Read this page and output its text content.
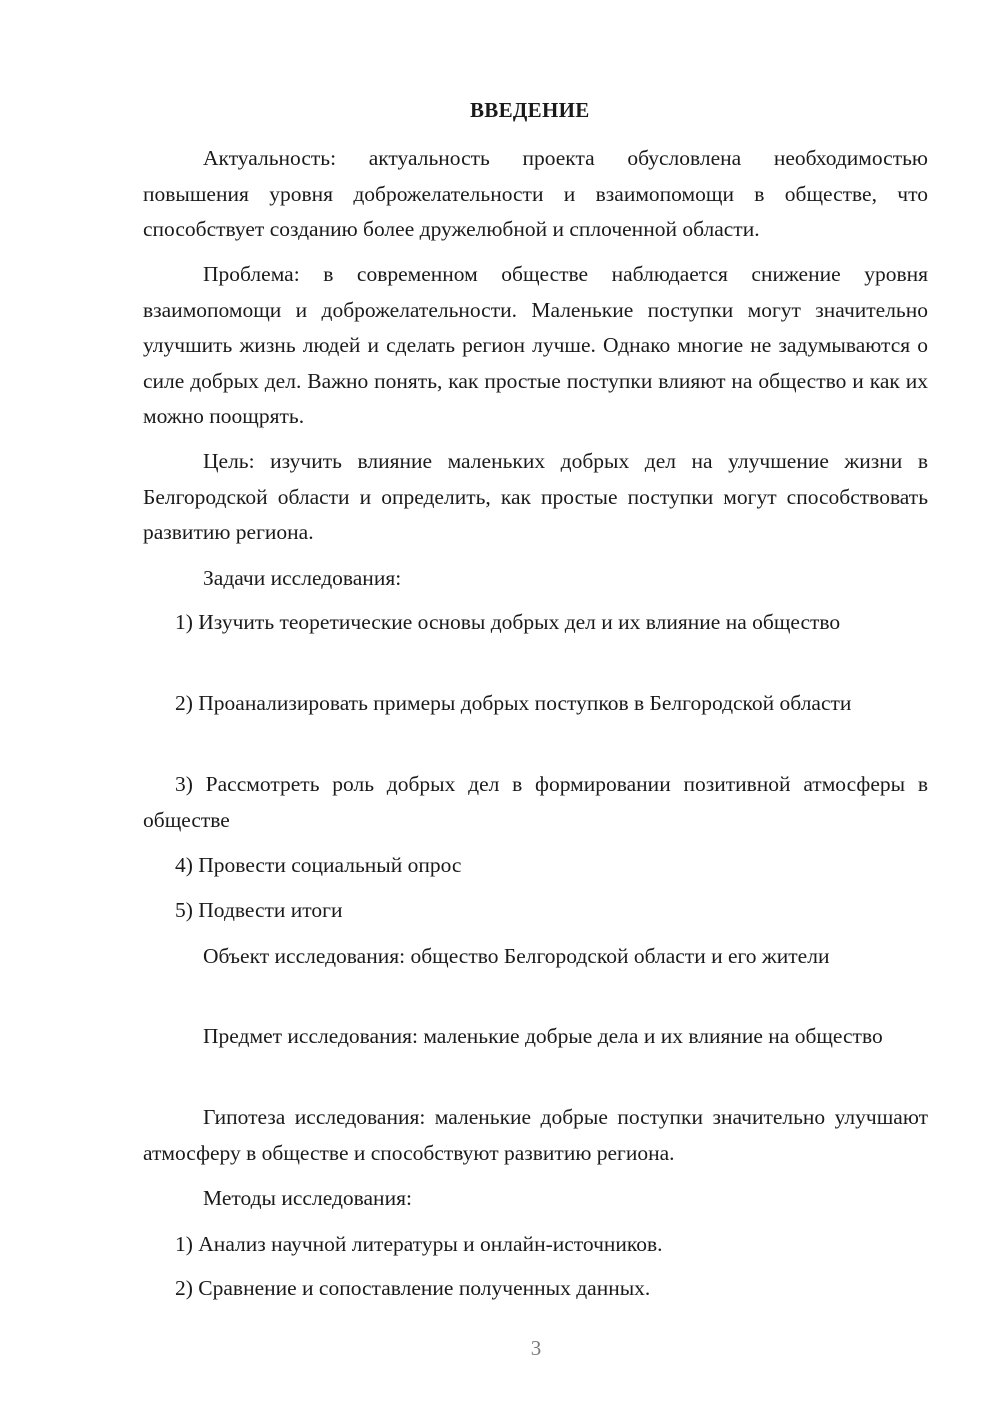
ВВЕДЕНИЕ

Актуальность: актуальность проекта обусловлена необходимостью повышения уровня доброжелательности и взаимопомощи в обществе, что способствует созданию более дружелюбной и сплоченной области.

Проблема: в современном обществе наблюдается снижение уровня взаимопомощи и доброжелательности. Маленькие поступки могут значительно улучшить жизнь людей и сделать регион лучше. Однако многие не задумываются о силе добрых дел. Важно понять, как простые поступки влияют на общество и как их можно поощрять.

Цель: изучить влияние маленьких добрых дел на улучшение жизни в Белгородской области и определить, как простые поступки могут способствовать развитию региона.

Задачи исследования:

1) Изучить теоретические основы добрых дел и их влияние на общество

2) Проанализировать примеры добрых поступков в Белгородской области

3) Рассмотреть роль добрых дел в формировании позитивной атмосферы в обществе

4) Провести социальный опрос

5) Подвести итоги

Объект исследования: общество Белгородской области и его жители

Предмет исследования: маленькие добрые дела и их влияние на общество

Гипотеза исследования: маленькие добрые поступки значительно улучшают атмосферу в обществе и способствуют развитию региона.

Методы исследования:

1) Анализ научной литературы и онлайн-источников.

2) Сравнение и сопоставление полученных данных.

3
